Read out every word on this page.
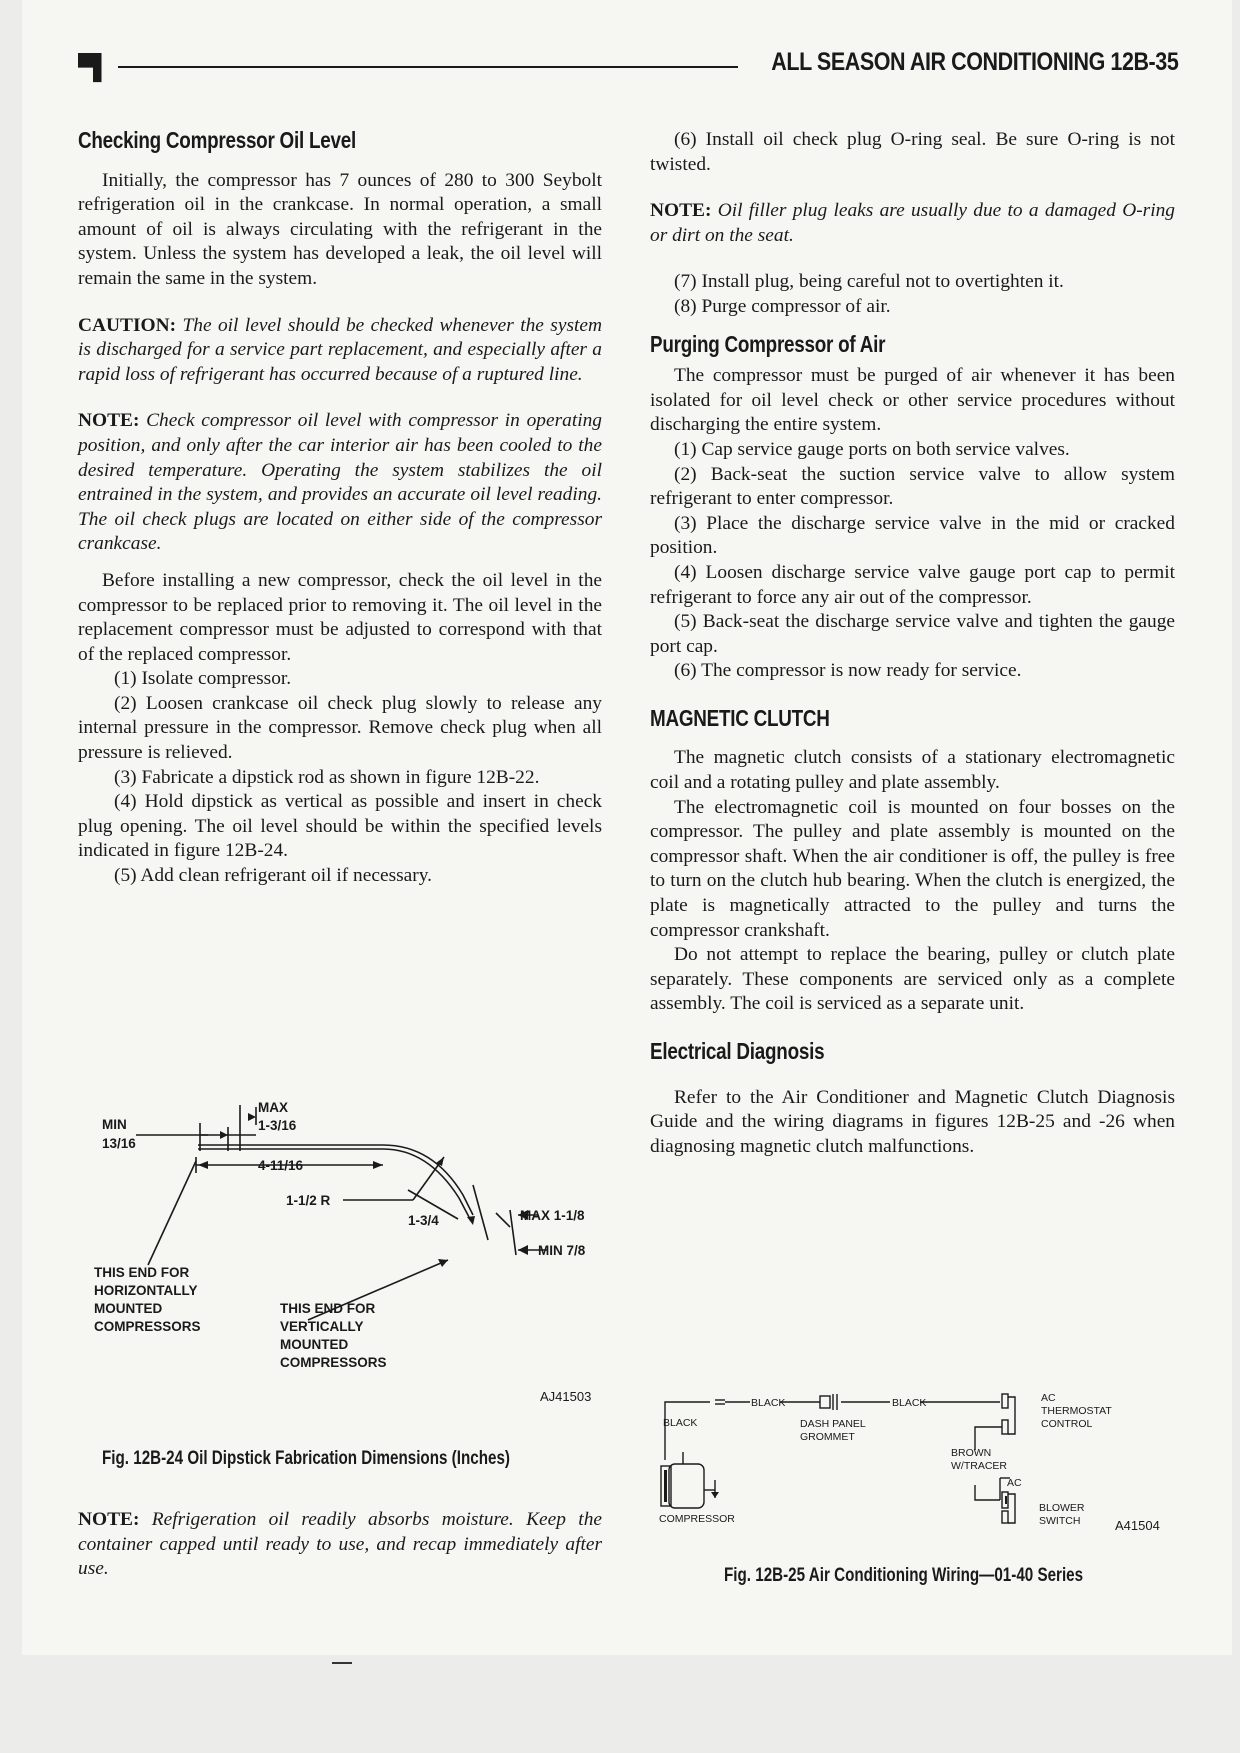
▀▌	ALL SEASON AIR CONDITIONING 12B-35
Checking Compressor Oil Level

Initially, the compressor has 7 ounces of 280 to 300 Seybolt refrigeration oil in the crankcase. In normal operation, a small amount of oil is always circulating with the refrigerant in the system. Unless the system has developed a leak, the oil level will remain the same in the system.

CAUTION: The oil level should be checked whenever the system is discharged for a service part replacement, and especially after a rapid loss of refrigerant has occurred because of a ruptured line.

NOTE: Check compressor oil level with compressor in operating position, and only after the car interior air has been cooled to the desired temperature. Operating the system stabilizes the oil entrained in the system, and provides an accurate oil level reading. The oil check plugs are located on either side of the compressor crankcase.

Before installing a new compressor, check the oil level in the compressor to be replaced prior to removing it. The oil level in the replacement compressor must be adjusted to correspond with that of the replaced compressor.

(1) Isolate compressor.

(2) Loosen crankcase oil check plug slowly to release any internal pressure in the compressor. Remove check plug when all pressure is relieved.

(3) Fabricate a dipstick rod as shown in figure 12B-22.

(4) Hold dipstick as vertical as possible and insert in check plug opening. The oil level should be within the specified levels indicated in figure 12B-24.

(5) Add clean refrigerant oil if necessary.

MAX
1-3/16
MIN
13/16
4-11/16
1-1/2 R
1-3/4	MAX 1-1/8
MIN 7/8
THIS END FOR
HORIZONTALLY
MOUNTED
COMPRESSORS
THIS END FOR
VERTICALLY
MOUNTED
COMPRESSORS
AJ41503
Fig. 12B-24 Oil Dipstick Fabrication Dimensions (Inches)

NOTE: Refrigeration oil readily absorbs moisture. Keep the container capped until ready to use, and recap immediately after use.

(6) Install oil check plug O-ring seal. Be sure O-ring is not twisted.

NOTE: Oil filler plug leaks are usually due to a damaged O-ring or dirt on the seat.

(7) Install plug, being careful not to overtighten it.

(8) Purge compressor of air.

Purging Compressor of Air

The compressor must be purged of air whenever it has been isolated for oil level check or other service procedures without discharging the entire system.

(1) Cap service gauge ports on both service valves.

(2) Back-seat the suction service valve to allow system refrigerant to enter compressor.

(3) Place the discharge service valve in the mid or cracked position.

(4) Loosen discharge service valve gauge port cap to permit refrigerant to force any air out of the compressor.

(5) Back-seat the discharge service valve and tighten the gauge port cap.

(6) The compressor is now ready for service.

MAGNETIC CLUTCH

The magnetic clutch consists of a stationary electromagnetic coil and a rotating pulley and plate assembly.

The electromagnetic coil is mounted on four bosses on the compressor. The pulley and plate assembly is mounted on the compressor shaft. When the air conditioner is off, the pulley is free to turn on the clutch hub bearing. When the clutch is energized, the plate is magnetically attracted to the pulley and turns the compressor crankshaft.

Do not attempt to replace the bearing, pulley or clutch plate separately. These components are serviced only as a complete assembly. The coil is serviced as a separate unit.

Electrical Diagnosis

Refer to the Air Conditioner and Magnetic Clutch Diagnosis Guide and the wiring diagrams in figures 12B-25 and -26 when diagnosing magnetic clutch malfunctions.

BLACK	BLACK
BLACK	DASH PANEL
GROMMET
AC
THERMOSTAT
CONTROL
BROWN
W/TRACER
AC
BLOWER
SWITCH
COMPRESSOR	A41504
Fig. 12B-25 Air Conditioning Wiring—01-40 Series
